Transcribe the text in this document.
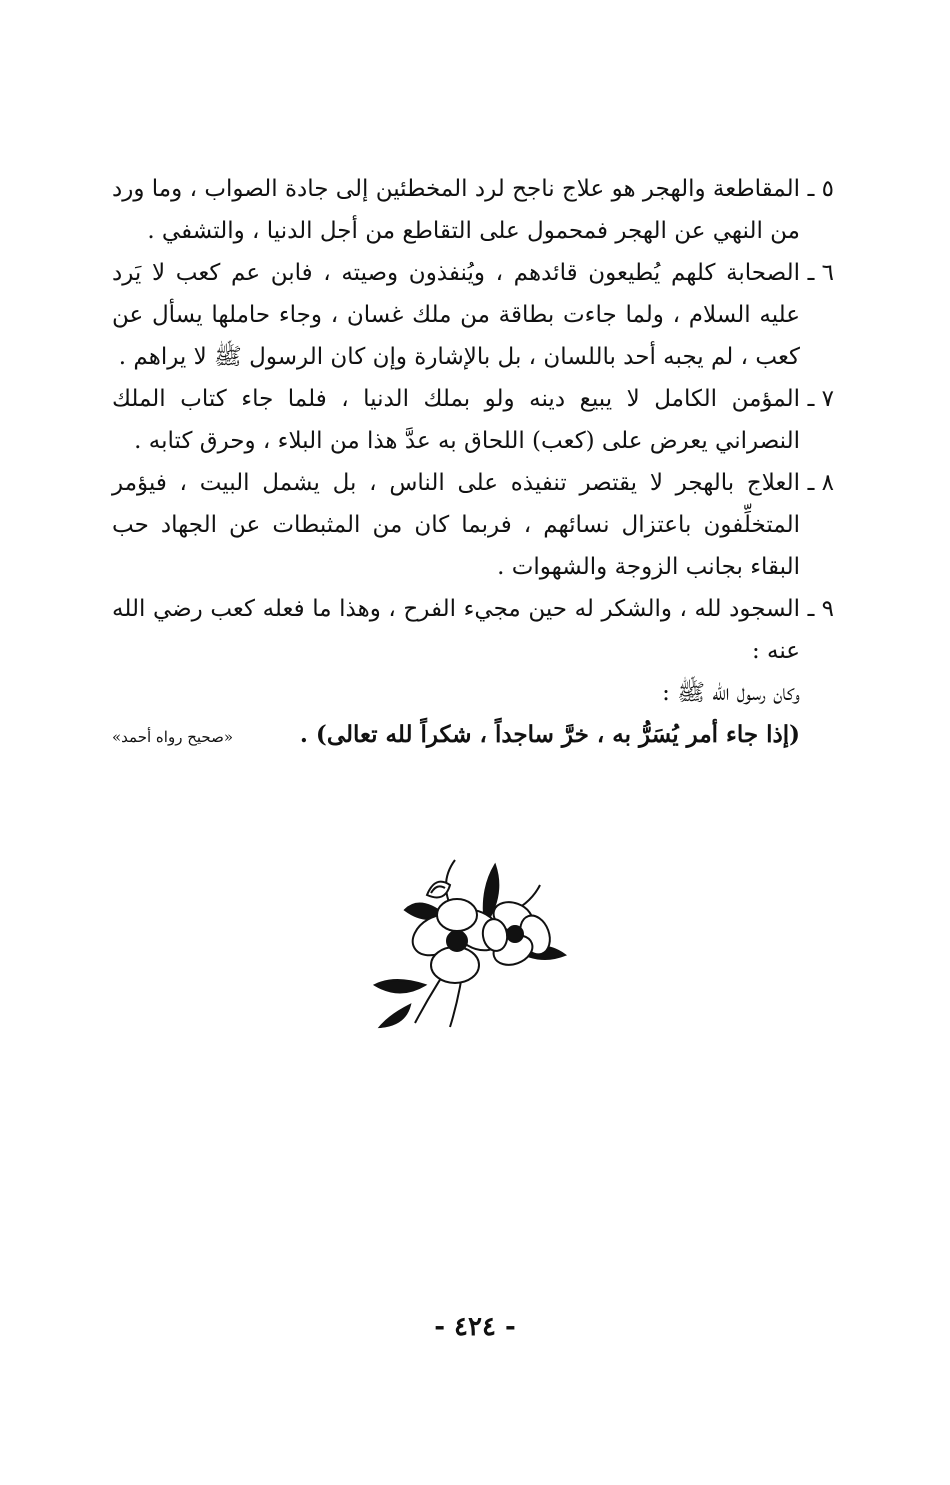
٥ ـ
المقاطعة والهجر هو علاج ناجح لرد المخطئين إلى جادة الصواب ، وما ورد من النهي عن الهجر فمحمول على التقاطع من أجل الدنيا ، والتشفي .
٦ ـ
الصحابة كلهم يُطيعون قائدهم ، ويُنفذون وصيته ، فابن عم كعب لا يَرد عليه السلام ، ولما جاءت بطاقة من ملك غسان ، وجاء حاملها يسأل عن كعب ، لم يجبه أحد باللسان ، بل بالإشارة وإن كان الرسول ﷺ لا يراهم .
٧ ـ
المؤمن الكامل لا يبيع دينه ولو بملك الدنيا ، فلما جاء كتاب الملك النصراني يعرض على (كعب) اللحاق به عدَّ هذا من البلاء ، وحرق كتابه .
٨ ـ
العلاج بالهجر لا يقتصر تنفيذه على الناس ، بل يشمل البيت ، فيؤمر المتخلِّفون باعتزال نسائهم ، فربما كان من المثبطات عن الجهاد حب البقاء بجانب الزوجة والشهوات .
٩ ـ
السجود لله ، والشكر له حين مجيء الفرح ، وهذا ما فعله كعب رضي الله عنه :
وكان رسول الله ﷺ :
(إذا جاء أمر يُسَرُّ به ، خرَّ ساجداً ، شكراً لله تعالى) .
«صحيح رواه أحمد»
- ٤٢٤ -
